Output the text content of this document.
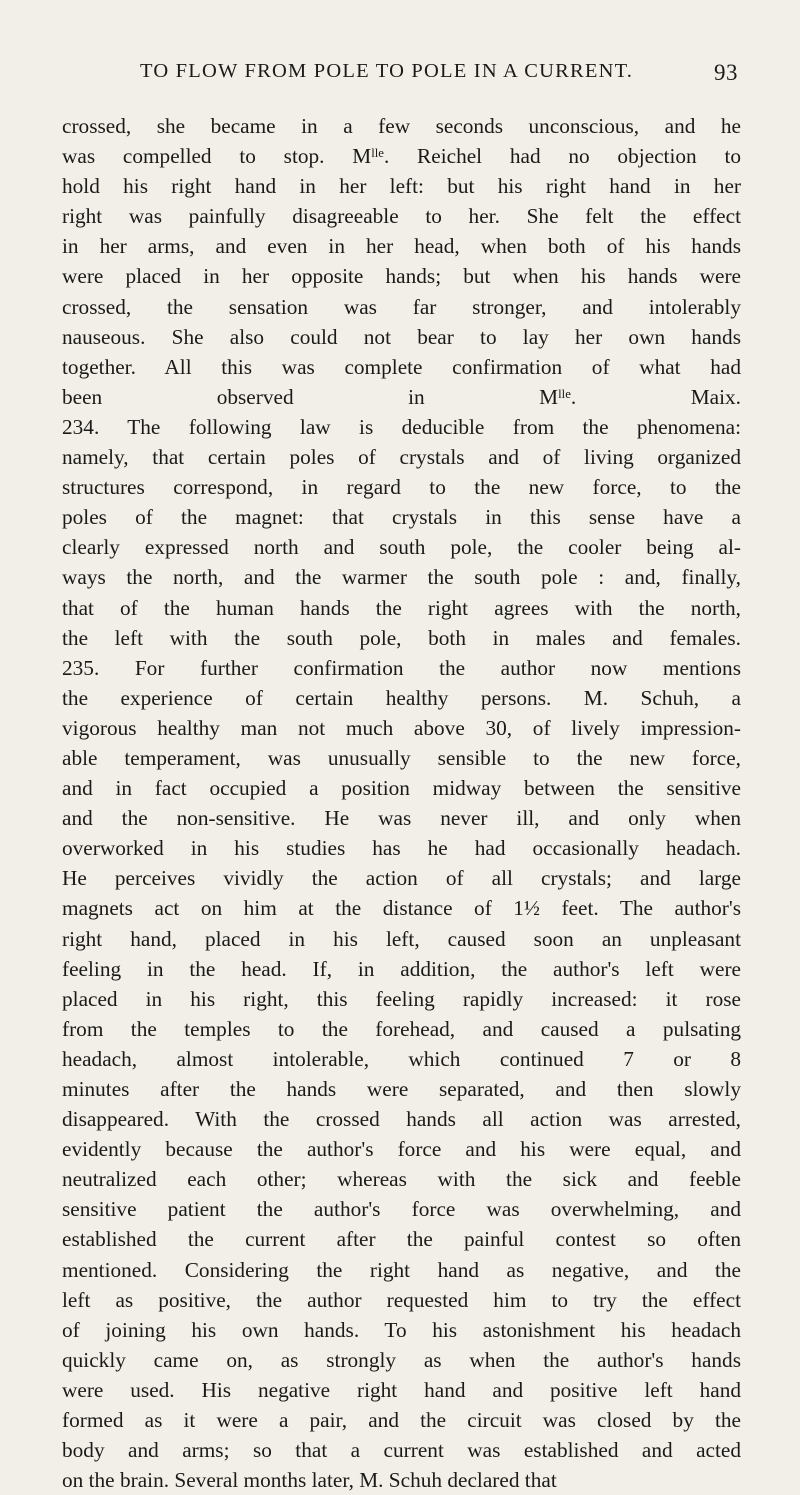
TO FLOW FROM POLE TO POLE IN A CURRENT.	93
crossed, she became in a few seconds unconscious, and he
was compelled to stop. $M^{lle}$. Reichel had no objection to
hold his right hand in her left: but his right hand in her
right was painfully disagreeable to her. She felt the effect
in her arms, and even in her head, when both of his hands
were placed in her opposite hands; but when his hands were
crossed, the sensation was far stronger, and intolerably
nauseous. She also could not bear to lay her own hands
together. All this was complete confirmation of what had
been observed in $M^{lle}$. Maix.
234. The following law is deducible from the phenomena:
namely, that certain poles of crystals and of living organized
structures correspond, in regard to the new force, to the
poles of the magnet: that crystals in this sense have a
clearly expressed north and south pole, the cooler being al-
ways the north, and the warmer the south pole : and, finally,
that of the human hands the right agrees with the north,
the left with the south pole, both in males and females.
235. For further confirmation the author now mentions
the experience of certain healthy persons. M. Schuh, a
vigorous healthy man not much above 30, of lively impression-
able temperament, was unusually sensible to the new force,
and in fact occupied a position midway between the sensitive
and the non-sensitive. He was never ill, and only when
overworked in his studies has he had occasionally headach.
He perceives vividly the action of all crystals; and large
magnets act on him at the distance of 1½ feet. The author's
right hand, placed in his left, caused soon an unpleasant
feeling in the head. If, in addition, the author's left were
placed in his right, this feeling rapidly increased: it rose
from the temples to the forehead, and caused a pulsating
headach, almost intolerable, which continued 7 or 8
minutes after the hands were separated, and then slowly
disappeared. With the crossed hands all action was arrested,
evidently because the author's force and his were equal, and
neutralized each other; whereas with the sick and feeble
sensitive patient the author's force was overwhelming, and
established the current after the painful contest so often
mentioned. Considering the right hand as negative, and the
left as positive, the author requested him to try the effect
of joining his own hands. To his astonishment his headach
quickly came on, as strongly as when the author's hands
were used. His negative right hand and positive left hand
formed as it were a pair, and the circuit was closed by the
body and arms; so that a current was established and acted
on the brain. Several months later, M. Schuh declared that
